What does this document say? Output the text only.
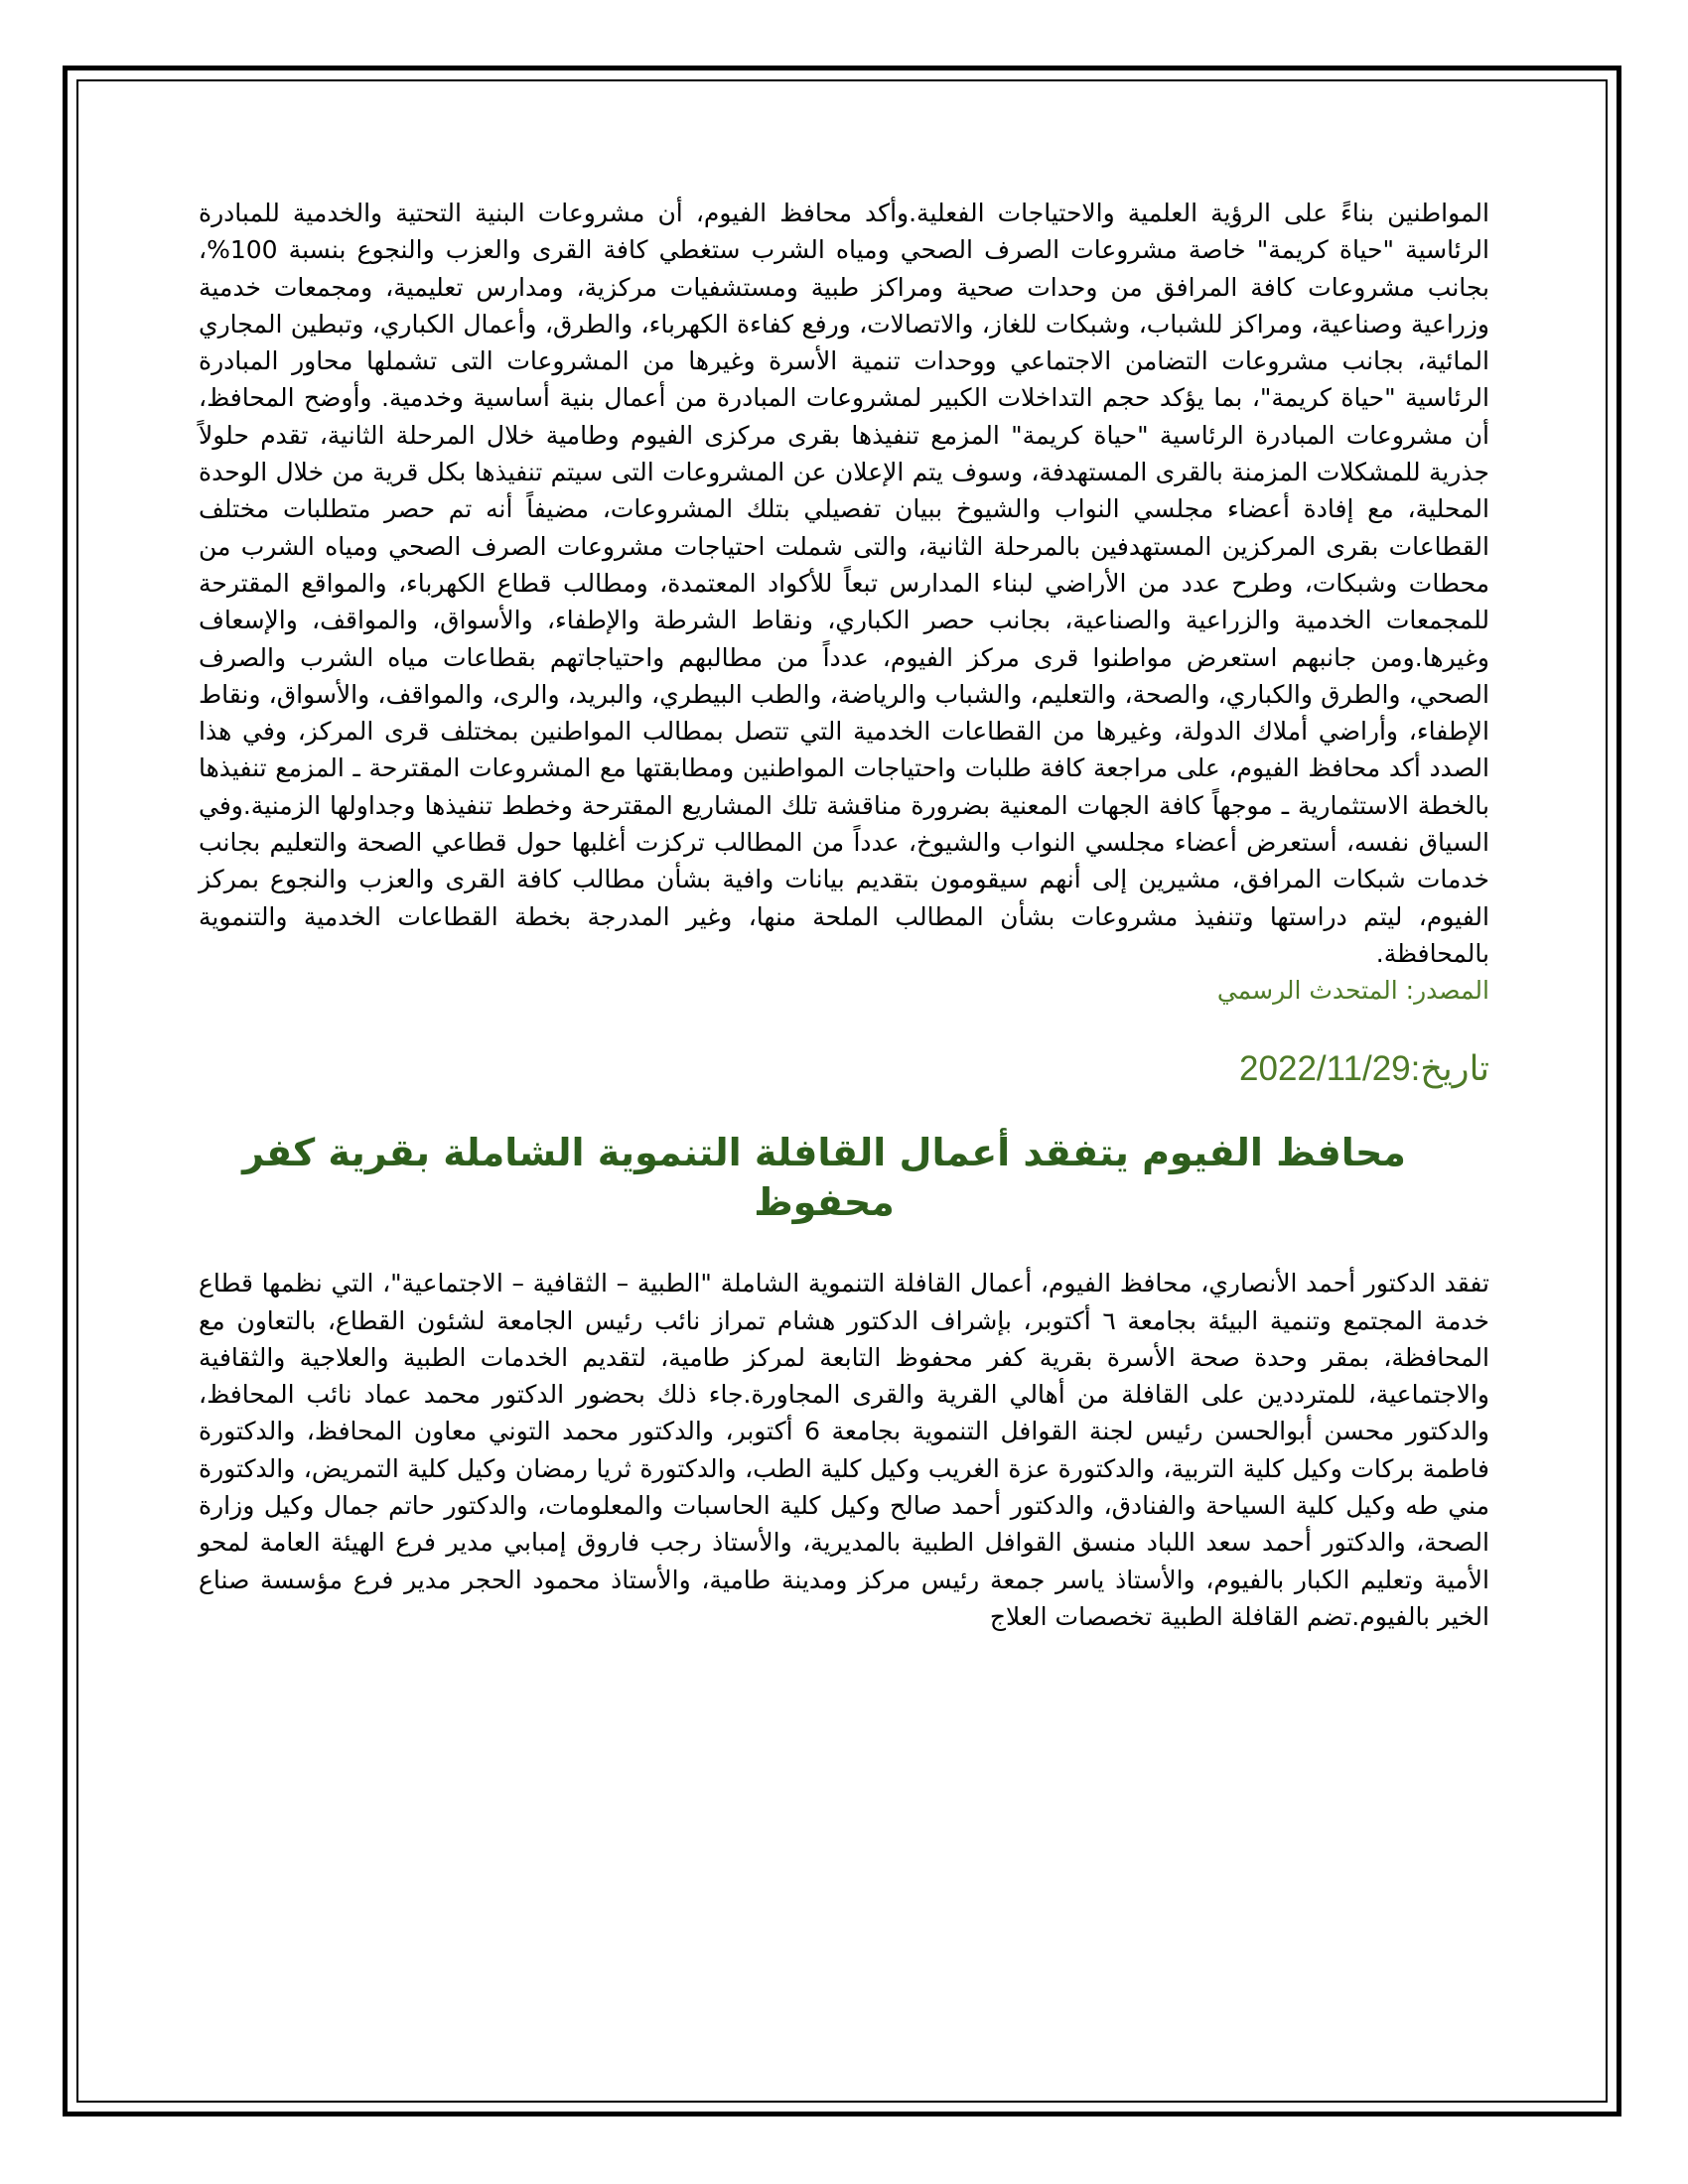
المواطنين بناءً على الرؤية العلمية والاحتياجات الفعلية.وأكد محافظ الفيوم، أن مشروعات البنية التحتية والخدمية للمبادرة الرئاسية "حياة كريمة" خاصة مشروعات الصرف الصحي ومياه الشرب ستغطي كافة القرى والعزب والنجوع بنسبة 100%، بجانب مشروعات كافة المرافق من وحدات صحية ومراكز طبية ومستشفيات مركزية، ومدارس تعليمية، ومجمعات خدمية وزراعية وصناعية، ومراكز للشباب، وشبكات للغاز، والاتصالات، ورفع كفاءة الكهرباء، والطرق، وأعمال الكباري، وتبطين المجاري المائية، بجانب مشروعات التضامن الاجتماعي ووحدات تنمية الأسرة وغيرها من المشروعات التى تشملها محاور المبادرة الرئاسية "حياة كريمة"، بما يؤكد حجم التداخلات الكبير لمشروعات المبادرة من أعمال بنية أساسية وخدمية. وأوضح المحافظ، أن مشروعات المبادرة الرئاسية "حياة كريمة" المزمع تنفيذها بقرى مركزى الفيوم وطامية خلال المرحلة الثانية، تقدم حلولاً جذرية للمشكلات المزمنة بالقرى المستهدفة، وسوف يتم الإعلان عن المشروعات التى سيتم تنفيذها بكل قرية من خلال الوحدة المحلية، مع إفادة أعضاء مجلسي النواب والشيوخ ببيان تفصيلي بتلك المشروعات، مضيفاً أنه تم حصر متطلبات مختلف القطاعات بقرى المركزين المستهدفين بالمرحلة الثانية، والتى شملت احتياجات مشروعات الصرف الصحي ومياه الشرب من محطات وشبكات، وطرح عدد من الأراضي لبناء المدارس تبعاً للأكواد المعتمدة، ومطالب قطاع الكهرباء، والمواقع المقترحة للمجمعات الخدمية والزراعية والصناعية، بجانب حصر الكباري، ونقاط الشرطة والإطفاء، والأسواق، والمواقف، والإسعاف وغيرها.ومن جانبهم استعرض مواطنوا قرى مركز الفيوم، عدداً من مطالبهم واحتياجاتهم بقطاعات مياه الشرب والصرف الصحي، والطرق والكباري، والصحة، والتعليم، والشباب والرياضة، والطب البيطري، والبريد، والرى، والمواقف، والأسواق، ونقاط الإطفاء، وأراضي أملاك الدولة، وغيرها من القطاعات الخدمية التي تتصل بمطالب المواطنين بمختلف قرى المركز، وفي هذا الصدد أكد محافظ الفيوم، على مراجعة كافة طلبات واحتياجات المواطنين ومطابقتها مع المشروعات المقترحة ـ المزمع تنفيذها بالخطة الاستثمارية ـ موجهاً كافة الجهات المعنية بضرورة مناقشة تلك المشاريع المقترحة وخطط تنفيذها وجداولها الزمنية.وفي السياق نفسه، أستعرض أعضاء مجلسي النواب والشيوخ، عدداً من المطالب تركزت أغلبها حول قطاعي الصحة والتعليم بجانب خدمات شبكات المرافق، مشيرين إلى أنهم سيقومون بتقديم بيانات وافية بشأن مطالب كافة القرى والعزب والنجوع بمركز الفيوم، ليتم دراستها وتنفيذ مشروعات بشأن المطالب الملحة منها، وغير المدرجة بخطة القطاعات الخدمية والتنموية بالمحافظة.

المصدر: المتحدث الرسمي

تاريخ:2022/11/29

محافظ الفيوم يتفقد أعمال القافلة التنموية الشاملة بقرية كفر محفوظ

تفقد الدكتور أحمد الأنصاري، محافظ الفيوم، أعمال القافلة التنموية الشاملة "الطبية – الثقافية – الاجتماعية"، التي نظمها قطاع خدمة المجتمع وتنمية البيئة بجامعة ٦ أكتوبر، بإشراف الدكتور هشام تمراز نائب رئيس الجامعة لشئون القطاع، بالتعاون مع المحافظة، بمقر وحدة صحة الأسرة بقرية كفر محفوظ التابعة لمركز طامية، لتقديم الخدمات الطبية والعلاجية والثقافية والاجتماعية، للمترددين على القافلة من أهالي القرية والقرى المجاورة.جاء ذلك بحضور الدكتور محمد عماد نائب المحافظ، والدكتور محسن أبوالحسن رئيس لجنة القوافل التنموية بجامعة 6 أكتوبر، والدكتور محمد التوني معاون المحافظ، والدكتورة فاطمة بركات وكيل كلية التربية، والدكتورة عزة الغريب وكيل كلية الطب، والدكتورة ثريا رمضان وكيل كلية التمريض، والدكتورة مني طه وكيل كلية السياحة والفنادق، والدكتور أحمد صالح وكيل كلية الحاسبات والمعلومات، والدكتور حاتم جمال وكيل وزارة الصحة، والدكتور أحمد سعد اللباد منسق القوافل الطبية بالمديرية، والأستاذ رجب فاروق إمبابي مدير فرع الهيئة العامة لمحو الأمية وتعليم الكبار بالفيوم، والأستاذ ياسر جمعة رئيس مركز ومدينة طامية، والأستاذ محمود الحجر مدير فرع مؤسسة صناع الخير بالفيوم.تضم القافلة الطبية تخصصات العلاج
